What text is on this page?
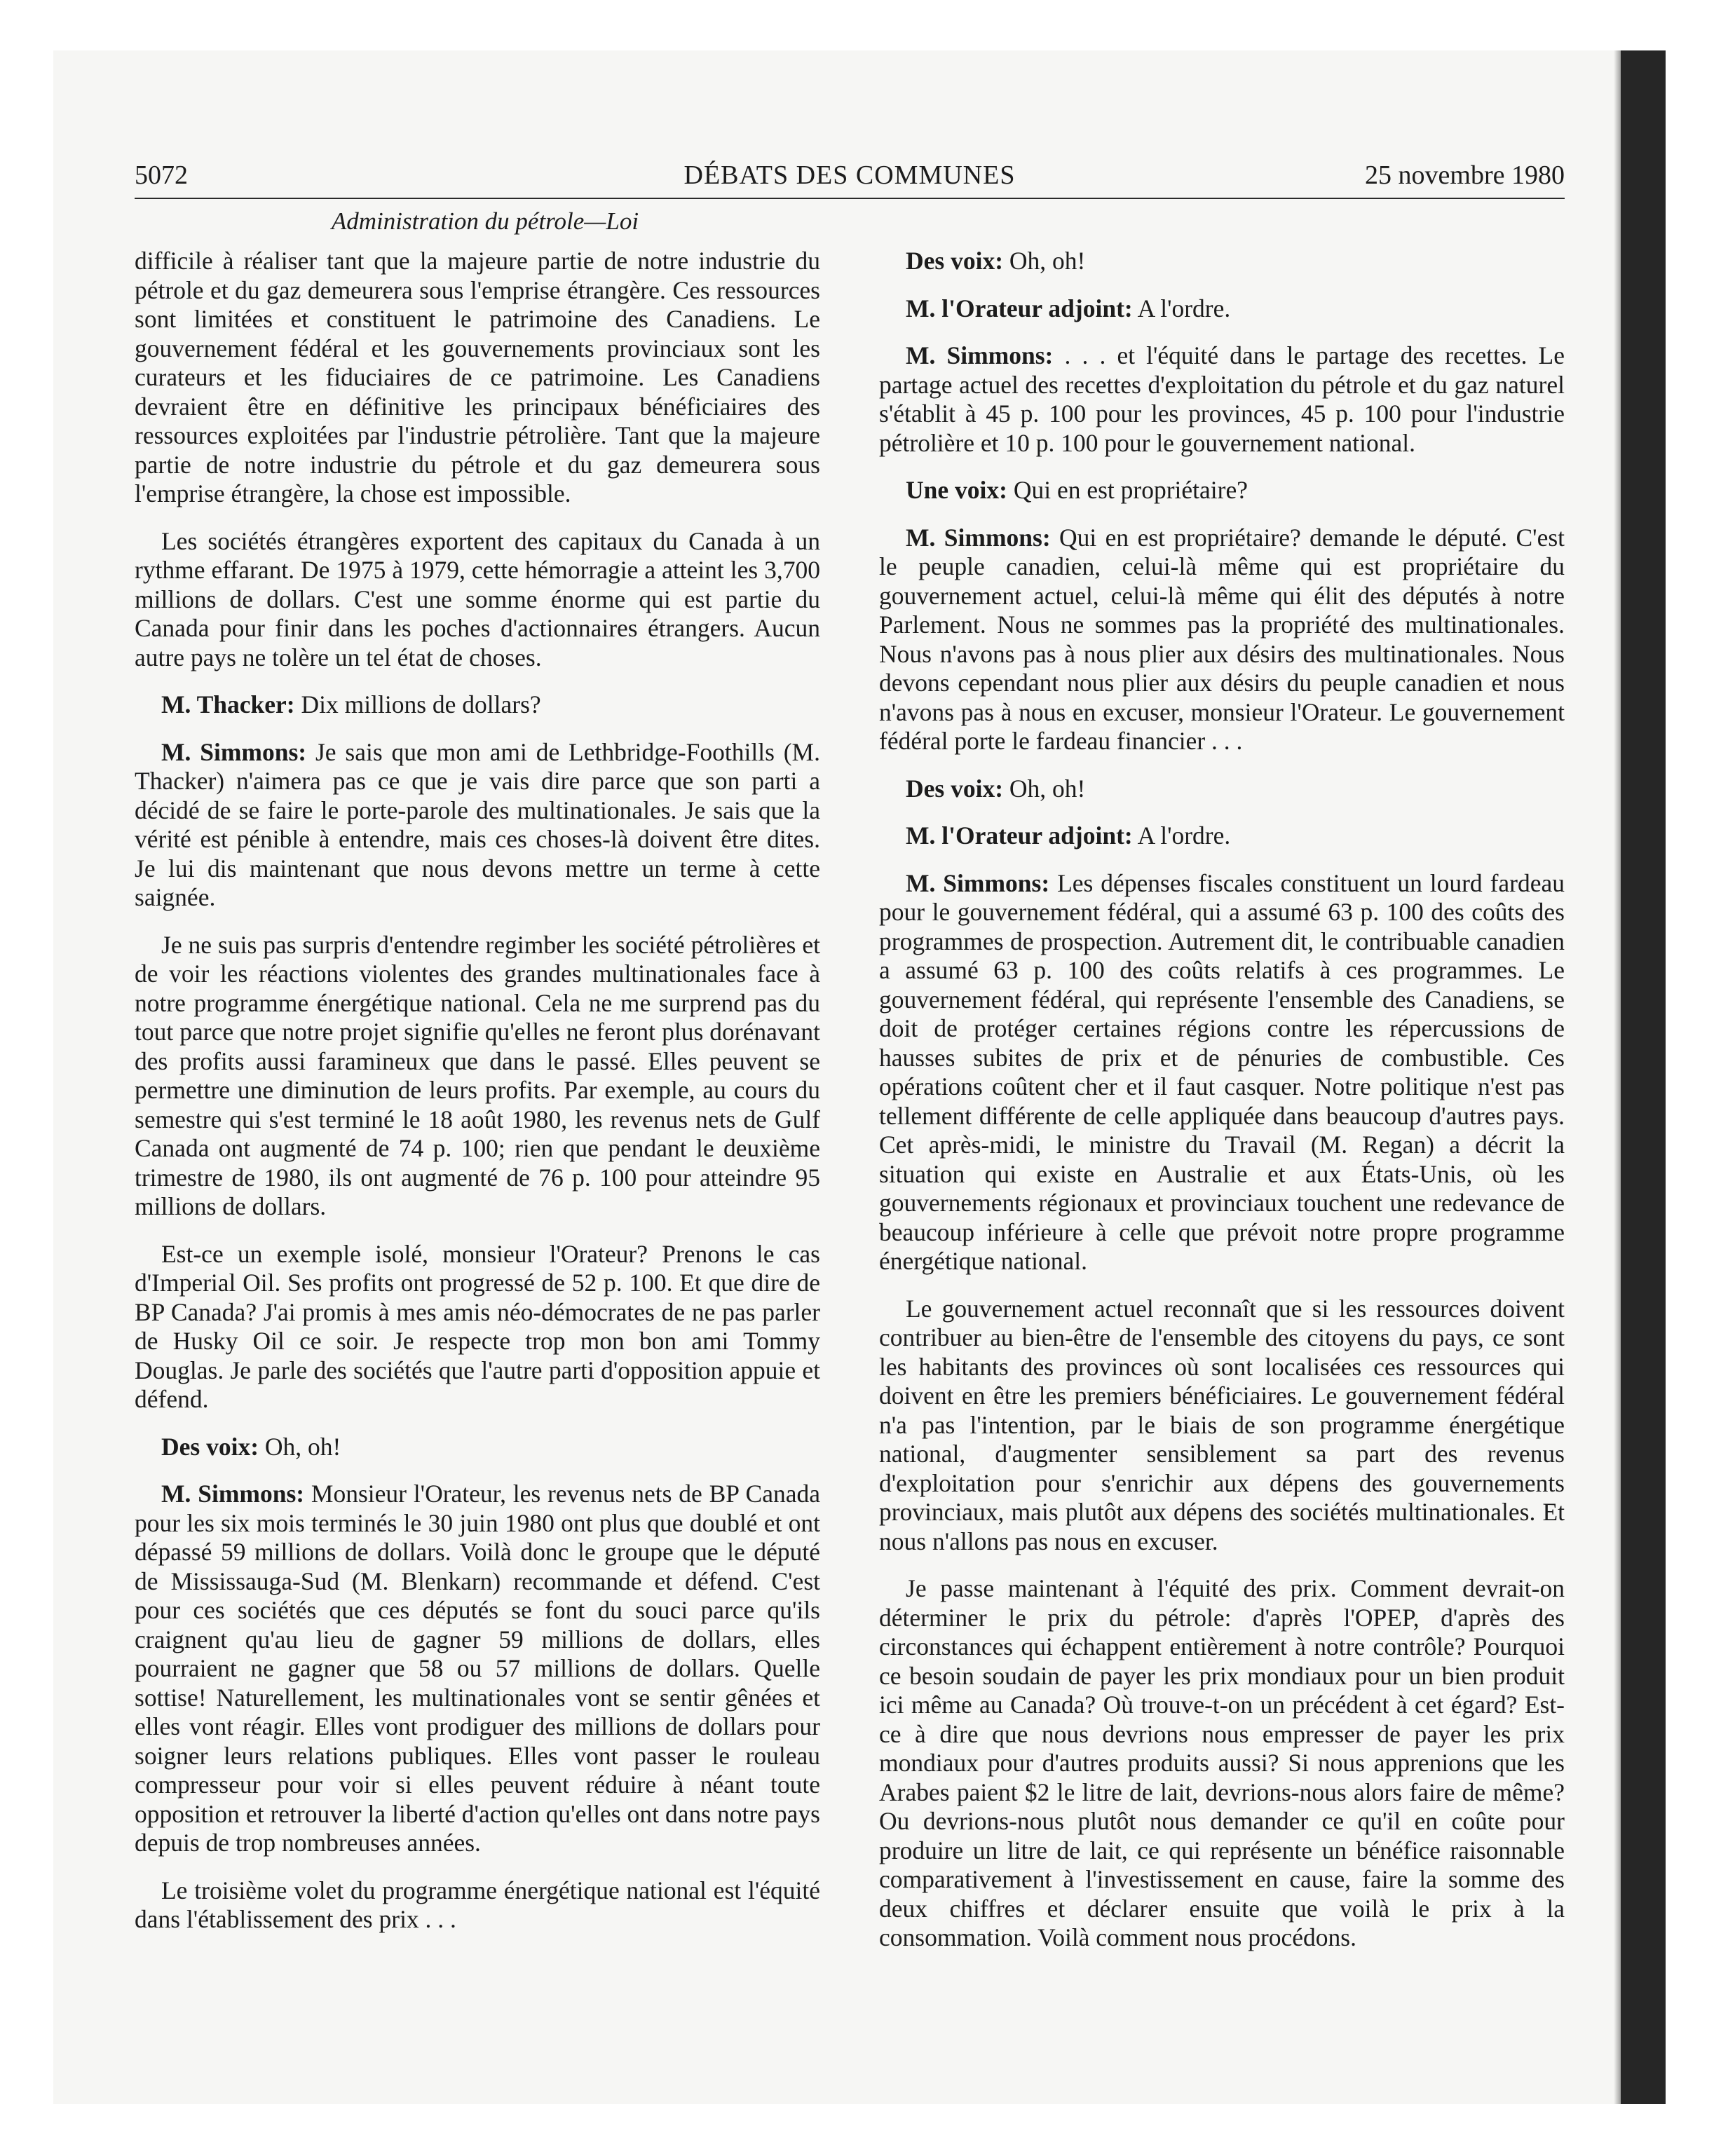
DÉBATS DES COMMUNES
5072	25 novembre 1980
Administration du pétrole—Loi

difficile à réaliser tant que la majeure partie de notre industrie du pétrole et du gaz demeurera sous l'emprise étrangère. Ces ressources sont limitées et constituent le patrimoine des Canadiens. Le gouvernement fédéral et les gouvernements provinciaux sont les curateurs et les fiduciaires de ce patrimoine. Les Canadiens devraient être en définitive les principaux bénéficiaires des ressources exploitées par l'industrie pétrolière. Tant que la majeure partie de notre industrie du pétrole et du gaz demeurera sous l'emprise étrangère, la chose est impossible.

Les sociétés étrangères exportent des capitaux du Canada à un rythme effarant. De 1975 à 1979, cette hémorragie a atteint les 3,700 millions de dollars. C'est une somme énorme qui est partie du Canada pour finir dans les poches d'actionnaires étrangers. Aucun autre pays ne tolère un tel état de choses.

M. Thacker: Dix millions de dollars?

M. Simmons: Je sais que mon ami de Lethbridge-Foothills (M. Thacker) n'aimera pas ce que je vais dire parce que son parti a décidé de se faire le porte-parole des multinationales. Je sais que la vérité est pénible à entendre, mais ces choses-là doivent être dites. Je lui dis maintenant que nous devons mettre un terme à cette saignée.

Je ne suis pas surpris d'entendre regimber les société pétrolières et de voir les réactions violentes des grandes multinationales face à notre programme énergétique national. Cela ne me surprend pas du tout parce que notre projet signifie qu'elles ne feront plus dorénavant des profits aussi faramineux que dans le passé. Elles peuvent se permettre une diminution de leurs profits. Par exemple, au cours du semestre qui s'est terminé le 18 août 1980, les revenus nets de Gulf Canada ont augmenté de 74 p. 100; rien que pendant le deuxième trimestre de 1980, ils ont augmenté de 76 p. 100 pour atteindre 95 millions de dollars.

Est-ce un exemple isolé, monsieur l'Orateur? Prenons le cas d'Imperial Oil. Ses profits ont progressé de 52 p. 100. Et que dire de BP Canada? J'ai promis à mes amis néo-démocrates de ne pas parler de Husky Oil ce soir. Je respecte trop mon bon ami Tommy Douglas. Je parle des sociétés que l'autre parti d'opposition appuie et défend.

Des voix: Oh, oh!

M. Simmons: Monsieur l'Orateur, les revenus nets de BP Canada pour les six mois terminés le 30 juin 1980 ont plus que doublé et ont dépassé 59 millions de dollars. Voilà donc le groupe que le député de Mississauga-Sud (M. Blenkarn) recommande et défend. C'est pour ces sociétés que ces députés se font du souci parce qu'ils craignent qu'au lieu de gagner 59 millions de dollars, elles pourraient ne gagner que 58 ou 57 millions de dollars. Quelle sottise! Naturellement, les multinationales vont se sentir gênées et elles vont réagir. Elles vont prodiguer des millions de dollars pour soigner leurs relations publiques. Elles vont passer le rouleau compresseur pour voir si elles peuvent réduire à néant toute opposition et retrouver la liberté d'action qu'elles ont dans notre pays depuis de trop nombreuses années.

Le troisième volet du programme énergétique national est l'équité dans l'établissement des prix . . .

Des voix: Oh, oh!

M. l'Orateur adjoint: A l'ordre.

M. Simmons: . . . et l'équité dans le partage des recettes. Le partage actuel des recettes d'exploitation du pétrole et du gaz naturel s'établit à 45 p. 100 pour les provinces, 45 p. 100 pour l'industrie pétrolière et 10 p. 100 pour le gouvernement national.

Une voix: Qui en est propriétaire?

M. Simmons: Qui en est propriétaire? demande le député. C'est le peuple canadien, celui-là même qui est propriétaire du gouvernement actuel, celui-là même qui élit des députés à notre Parlement. Nous ne sommes pas la propriété des multinationales. Nous n'avons pas à nous plier aux désirs des multinationales. Nous devons cependant nous plier aux désirs du peuple canadien et nous n'avons pas à nous en excuser, monsieur l'Orateur. Le gouvernement fédéral porte le fardeau financier . . .

Des voix: Oh, oh!

M. l'Orateur adjoint: A l'ordre.

M. Simmons: Les dépenses fiscales constituent un lourd fardeau pour le gouvernement fédéral, qui a assumé 63 p. 100 des coûts des programmes de prospection. Autrement dit, le contribuable canadien a assumé 63 p. 100 des coûts relatifs à ces programmes. Le gouvernement fédéral, qui représente l'ensemble des Canadiens, se doit de protéger certaines régions contre les répercussions de hausses subites de prix et de pénuries de combustible. Ces opérations coûtent cher et il faut casquer. Notre politique n'est pas tellement différente de celle appliquée dans beaucoup d'autres pays. Cet après-midi, le ministre du Travail (M. Regan) a décrit la situation qui existe en Australie et aux États-Unis, où les gouvernements régionaux et provinciaux touchent une redevance de beaucoup inférieure à celle que prévoit notre propre programme énergétique national.

Le gouvernement actuel reconnaît que si les ressources doivent contribuer au bien-être de l'ensemble des citoyens du pays, ce sont les habitants des provinces où sont localisées ces ressources qui doivent en être les premiers bénéficiaires. Le gouvernement fédéral n'a pas l'intention, par le biais de son programme énergétique national, d'augmenter sensiblement sa part des revenus d'exploitation pour s'enrichir aux dépens des gouvernements provinciaux, mais plutôt aux dépens des sociétés multinationales. Et nous n'allons pas nous en excuser.

Je passe maintenant à l'équité des prix. Comment devrait-on déterminer le prix du pétrole: d'après l'OPEP, d'après des circonstances qui échappent entièrement à notre contrôle? Pourquoi ce besoin soudain de payer les prix mondiaux pour un bien produit ici même au Canada? Où trouve-t-on un précédent à cet égard? Est-ce à dire que nous devrions nous empresser de payer les prix mondiaux pour d'autres produits aussi? Si nous apprenions que les Arabes paient $2 le litre de lait, devrions-nous alors faire de même? Ou devrions-nous plutôt nous demander ce qu'il en coûte pour produire un litre de lait, ce qui représente un bénéfice raisonnable comparativement à l'investissement en cause, faire la somme des deux chiffres et déclarer ensuite que voilà le prix à la consommation. Voilà comment nous procédons.
